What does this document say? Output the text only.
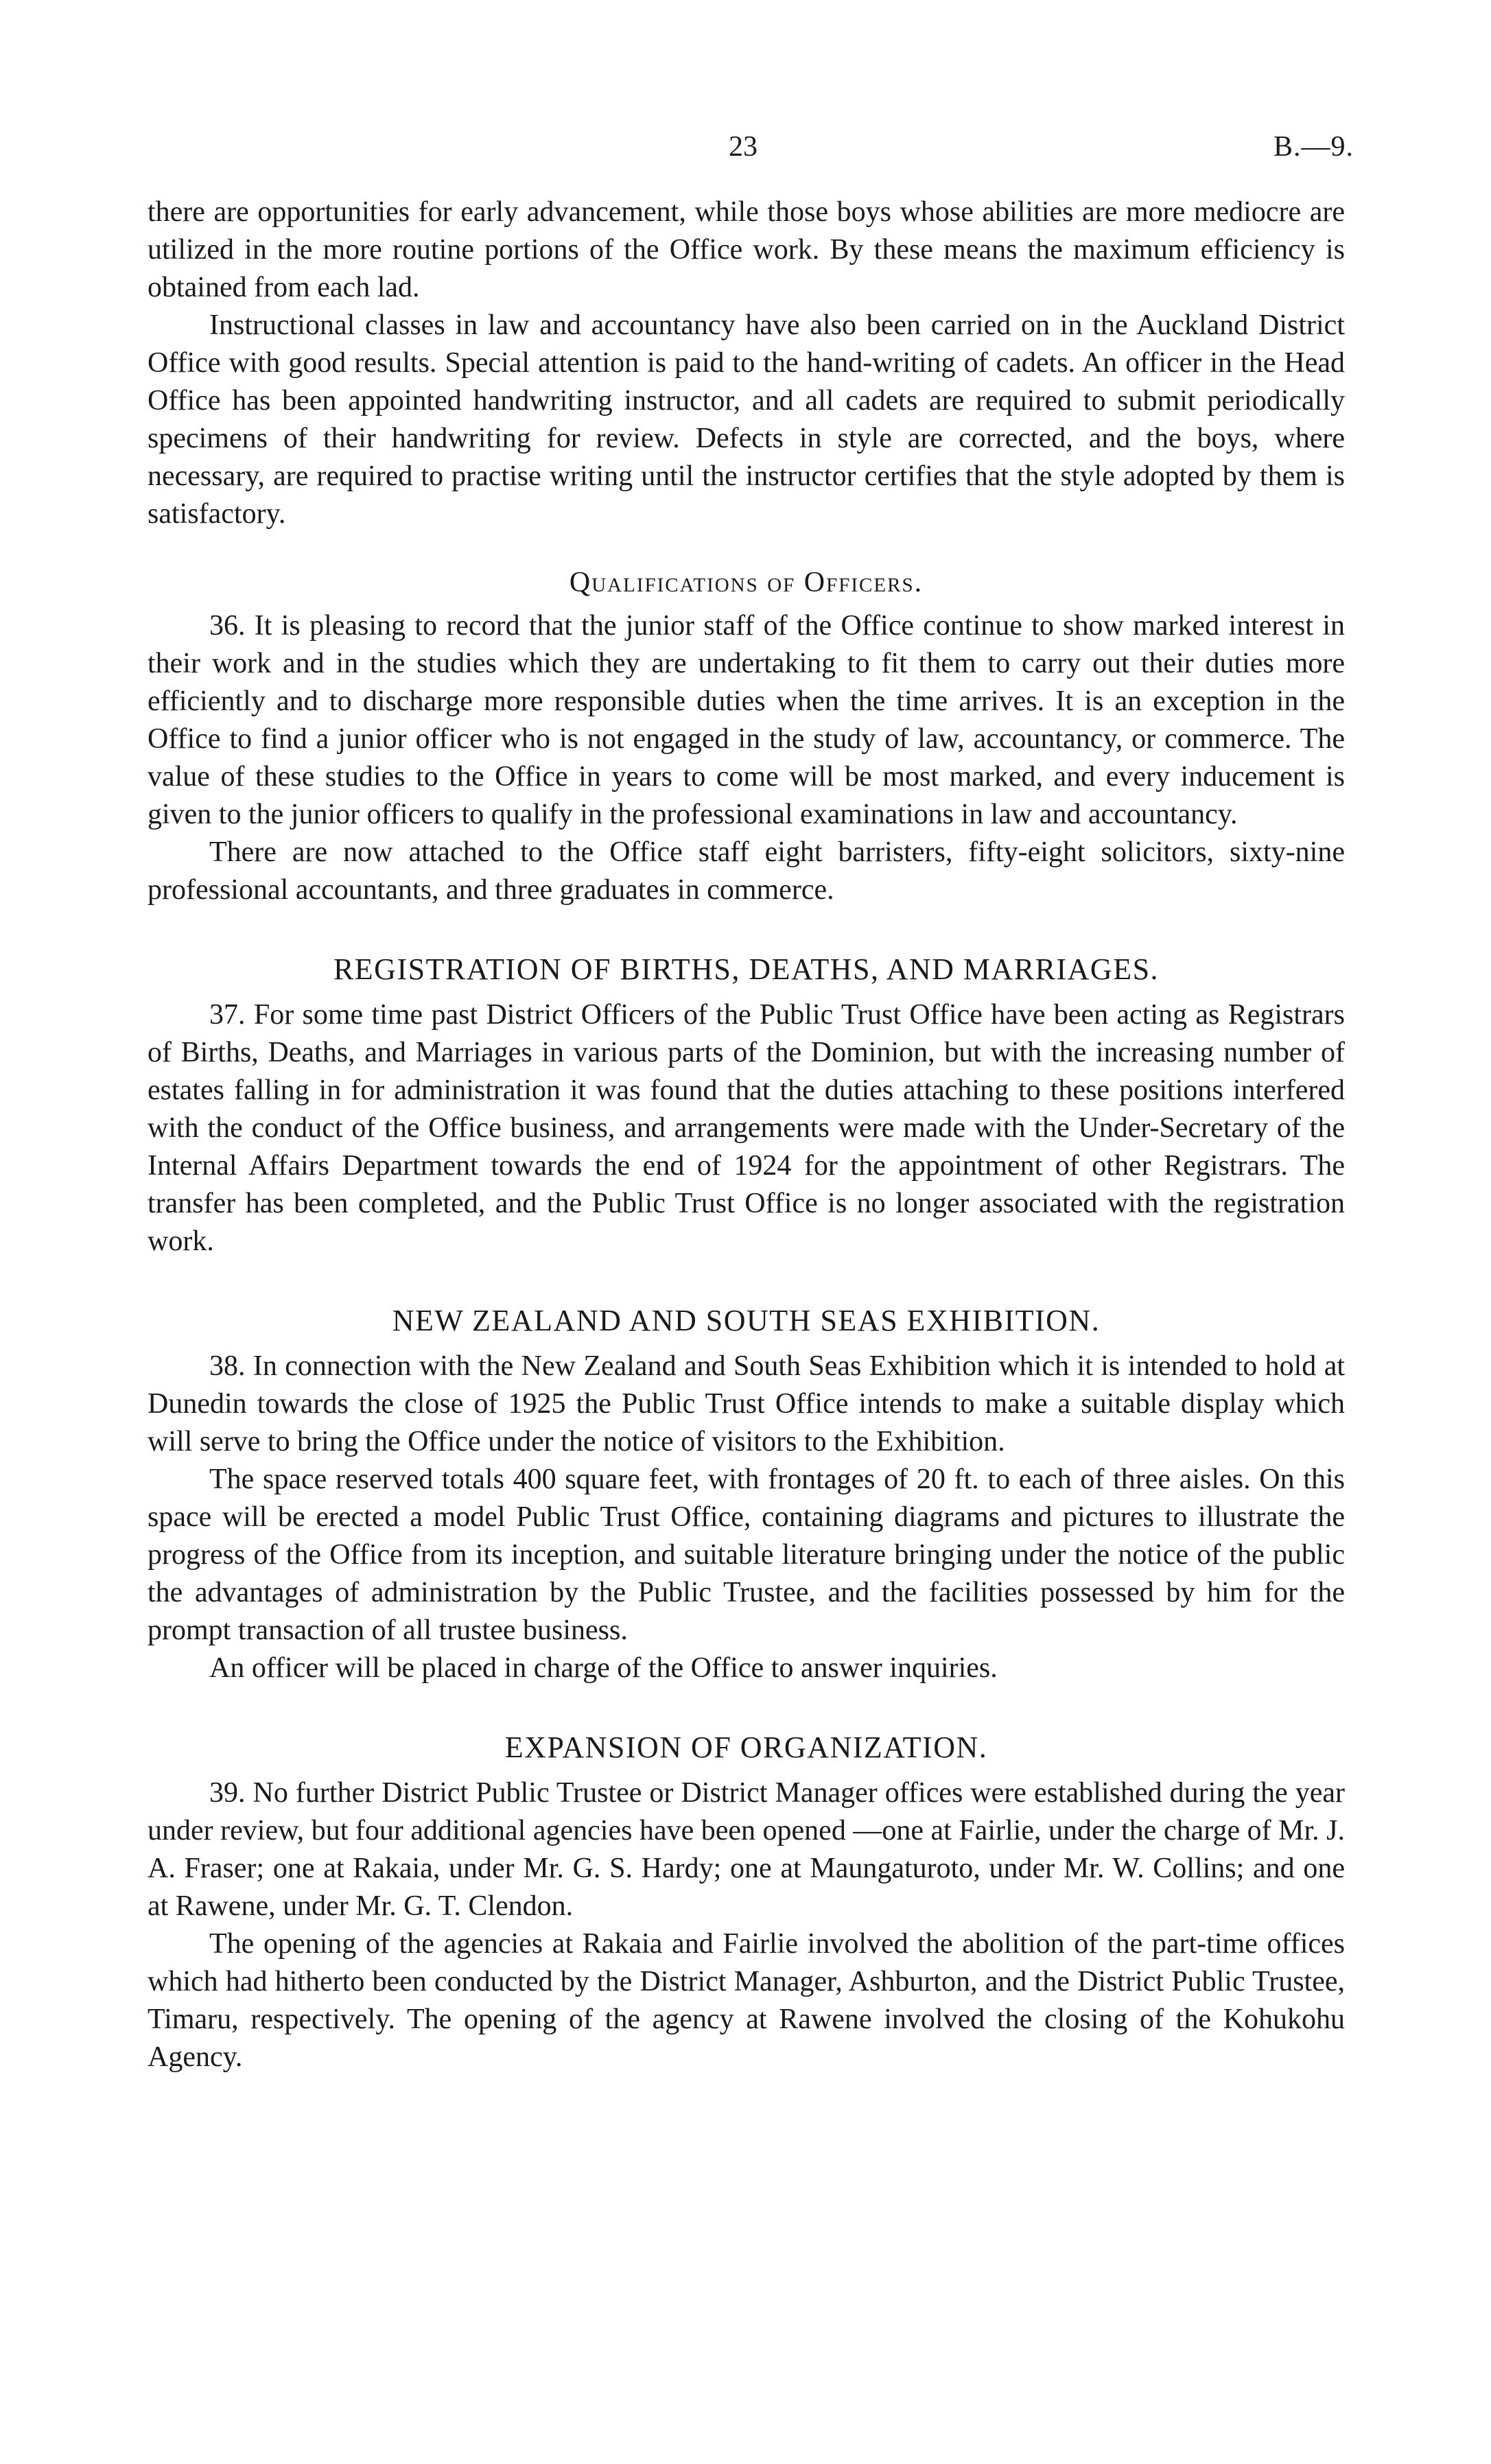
23	B.—9.

there are opportunities for early advancement, while those boys whose abilities are more mediocre are utilized in the more routine portions of the Office work. By these means the maximum efficiency is obtained from each lad.

Instructional classes in law and accountancy have also been carried on in the Auckland District Office with good results. Special attention is paid to the hand-writing of cadets. An officer in the Head Office has been appointed handwriting instructor, and all cadets are required to submit periodically specimens of their handwriting for review. Defects in style are corrected, and the boys, where necessary, are required to practise writing until the instructor certifies that the style adopted by them is satisfactory.

Qualifications of Officers.

36. It is pleasing to record that the junior staff of the Office continue to show marked interest in their work and in the studies which they are undertaking to fit them to carry out their duties more efficiently and to discharge more responsible duties when the time arrives. It is an exception in the Office to find a junior officer who is not engaged in the study of law, accountancy, or commerce. The value of these studies to the Office in years to come will be most marked, and every inducement is given to the junior officers to qualify in the professional examinations in law and accountancy.

There are now attached to the Office staff eight barristers, fifty-eight solicitors, sixty-nine professional accountants, and three graduates in commerce.

REGISTRATION OF BIRTHS, DEATHS, AND MARRIAGES.

37. For some time past District Officers of the Public Trust Office have been acting as Registrars of Births, Deaths, and Marriages in various parts of the Dominion, but with the increasing number of estates falling in for administration it was found that the duties attaching to these positions interfered with the conduct of the Office business, and arrangements were made with the Under-Secretary of the Internal Affairs Department towards the end of 1924 for the appointment of other Registrars. The transfer has been completed, and the Public Trust Office is no longer associated with the registration work.

NEW ZEALAND AND SOUTH SEAS EXHIBITION.

38. In connection with the New Zealand and South Seas Exhibition which it is intended to hold at Dunedin towards the close of 1925 the Public Trust Office intends to make a suitable display which will serve to bring the Office under the notice of visitors to the Exhibition.

The space reserved totals 400 square feet, with frontages of 20 ft. to each of three aisles. On this space will be erected a model Public Trust Office, containing diagrams and pictures to illustrate the progress of the Office from its inception, and suitable literature bringing under the notice of the public the advantages of administration by the Public Trustee, and the facilities possessed by him for the prompt transaction of all trustee business.

An officer will be placed in charge of the Office to answer inquiries.

EXPANSION OF ORGANIZATION.

39. No further District Public Trustee or District Manager offices were established during the year under review, but four additional agencies have been opened —one at Fairlie, under the charge of Mr. J. A. Fraser; one at Rakaia, under Mr. G. S. Hardy; one at Maungaturoto, under Mr. W. Collins; and one at Rawene, under Mr. G. T. Clendon.

The opening of the agencies at Rakaia and Fairlie involved the abolition of the part-time offices which had hitherto been conducted by the District Manager, Ashburton, and the District Public Trustee, Timaru, respectively. The opening of the agency at Rawene involved the closing of the Kohukohu Agency.
